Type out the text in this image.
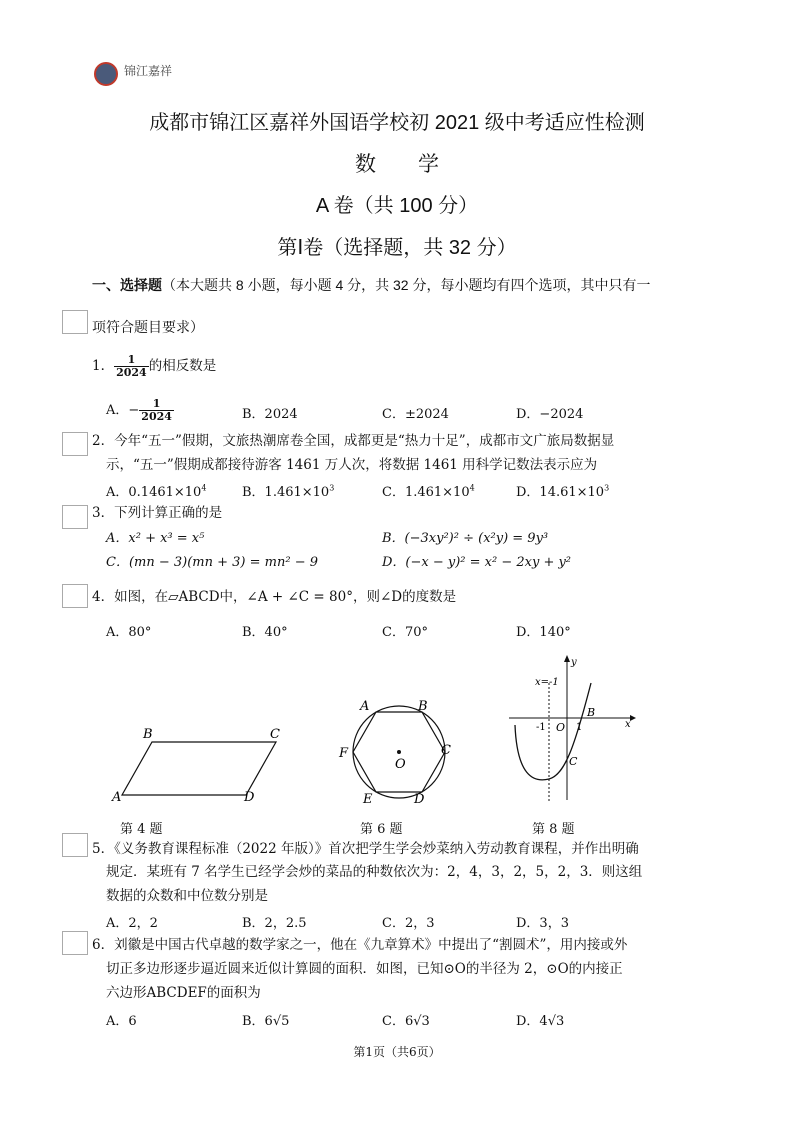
锦江嘉祥
成都市锦江区嘉祥外国语学校初 2021 级中考适应性检测
数　　学
A 卷（共 100 分）
第Ⅰ卷（选择题，共 32 分）
一、选择题（本大题共 8 小题，每小题 4 分，共 32 分，每小题均有四个选项，其中只有一
项符合题目要求）
1． $\frac{1}{2024}$ 的相反数是
A．− $\frac{1}{2024}$	B．2024	C．±2024	D．−2024
2．今年“五一”假期，文旅热潮席卷全国，成都更是“热力十足”，成都市文广旅局数据显
示，“五一”假期成都接待游客 1461 万人次，将数据 1461 用科学记数法表示应为
A．$0.1461\times 10^4$	B．$1.461\times 10^3$	C．$1.461\times 10^4$	D．$14.61\times 10^3$
3．下列计算正确的是
A．x² + x³ = x⁵	B．(−3xy²)² ÷ (x²y) = 9y³
C．(mn − 3)(mn + 3) = mn² − 9	D．(−x − y)² = x² − 2xy + y²
4．如图，在▱ABCD中，∠A + ∠C = 80°，则∠D的度数是
A．80°	B．40°	C．70°	D．140°
A
B	C
D
第 4 题
A	B
C
D
E
F
O
第 6 题
x=-1
y
x
-1 O 1
B
C
第 8 题
5．《义务教育课程标准（2022 年版）》首次把学生学会炒菜纳入劳动教育课程，并作出明确
规定．某班有 7 名学生已经学会炒的菜品的种数依次为：2，4，3，2，5，2，3．则这组
数据的众数和中位数分别是
A．2，2	B．2，2.5	C．2，3	D．3，3
6．刘徽是中国古代卓越的数学家之一，他在《九章算术》中提出了“割圆术”，用内接或外
切正多边形逐步逼近圆来近似计算圆的面积．如图，已知⊙O的半径为 2，⊙O的内接正
六边形ABCDEF的面积为
A．6	B．6√5	C．6√3	D．4√3
第1页（共6页）
